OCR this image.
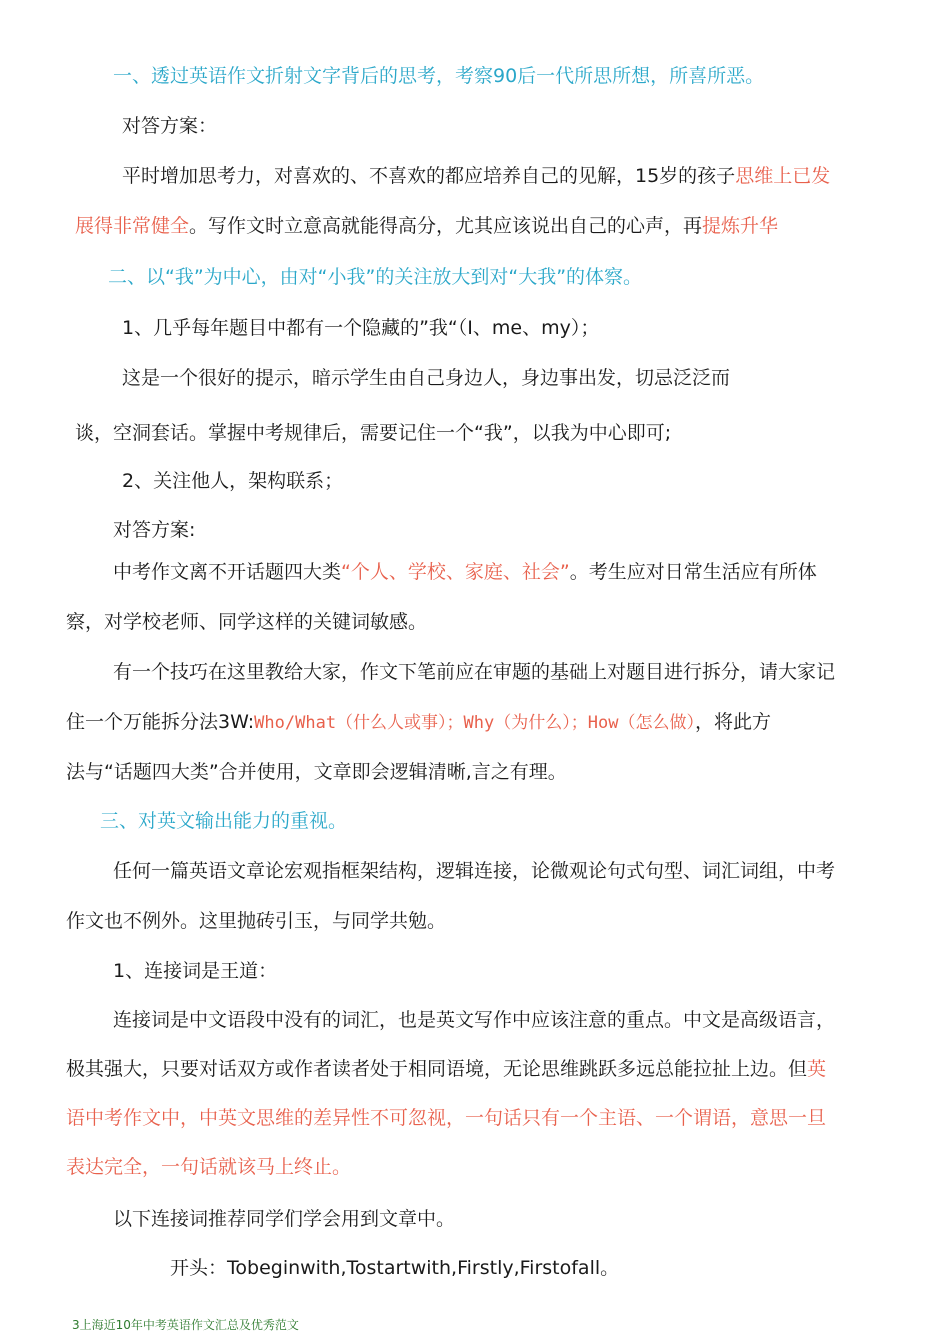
一、透过英语作文折射文字背后的思考，考察90后一代所思所想，所喜所恶。
对答方案：
平时增加思考力，对喜欢的、不喜欢的都应培养自己的见解，15岁的孩子思维上已发
展得非常健全。写作文时立意高就能得高分，尤其应该说出自己的心声，再提炼升华
二、以“我”为中心，由对“小我”的关注放大到对“大我”的体察。
1、几乎每年题目中都有一个隐藏的”我“（I、me、my）；
这是一个很好的提示，暗示学生由自己身边人，身边事出发，切忌泛泛而
谈，空洞套话。掌握中考规律后，需要记住一个“我”，以我为中心即可;
2、关注他人，架构联系；
对答方案:
中考作文离不开话题四大类“个人、学校、家庭、社会”。考生应对日常生活应有所体
察，对学校老师、同学这样的关键词敏感。
有一个技巧在这里教给大家，作文下笔前应在审题的基础上对题目进行拆分，请大家记
住一个万能拆分法3W:Who/What（什么人或事）；Why（为什么）；How（怎么做），将此方
法与“话题四大类”合并使用，文章即会逻辑清晰,言之有理。
三、对英文输出能力的重视。
任何一篇英语文章论宏观指框架结构，逻辑连接，论微观论句式句型、词汇词组，中考
作文也不例外。这里抛砖引玉，与同学共勉。
1、连接词是王道：
连接词是中文语段中没有的词汇，也是英文写作中应该注意的重点。中文是高级语言，
极其强大，只要对话双方或作者读者处于相同语境，无论思维跳跃多远总能拉扯上边。但英
语中考作文中，中英文思维的差异性不可忽视，一句话只有一个主语、一个谓语，意思一旦
表达完全，一句话就该马上终止。
以下连接词推荐同学们学会用到文章中。
开头：Tobeginwith,Tostartwith,Firstly,Firstofall。
3上海近10年中考英语作文汇总及优秀范文
